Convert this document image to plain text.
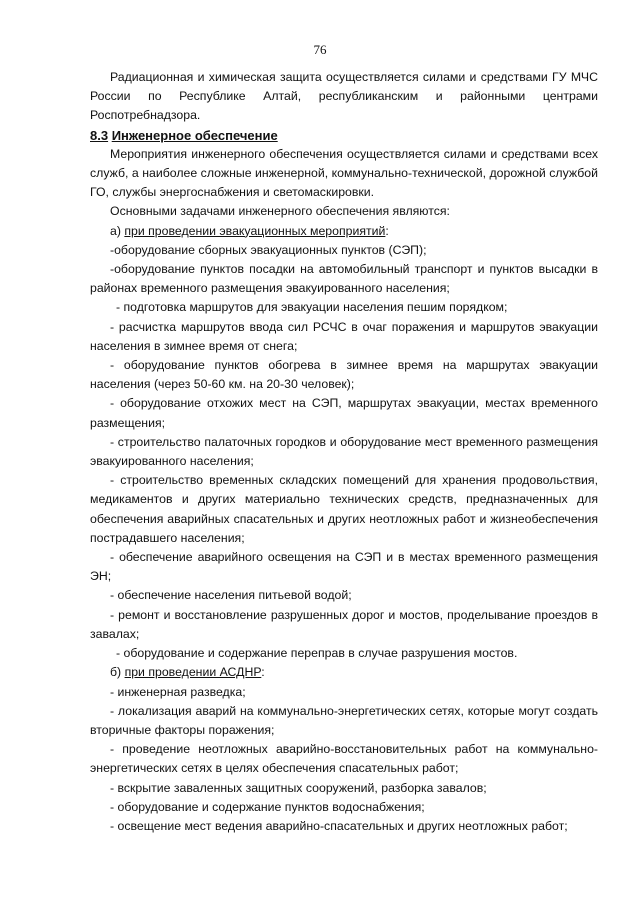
76

Радиационная и химическая защита осуществляется силами и средствами ГУ МЧС России по Республике Алтай, республиканским и районными центрами Роспотребнадзора.

8.3 Инженерное обеспечение

Мероприятия инженерного обеспечения осуществляется силами и средствами всех служб, а наиболее сложные инженерной, коммунально-технической, дорожной службой ГО, службы энергоснабжения и светомаскировки.

Основными задачами инженерного обеспечения являются:

а) при проведении эвакуационных мероприятий:

-оборудование сборных эвакуационных пунктов (СЭП);

-оборудование пунктов посадки на автомобильный транспорт и пунктов высадки в районах временного размещения эвакуированного населения;

- подготовка маршрутов для эвакуации населения пешим порядком;

- расчистка маршрутов ввода сил РСЧС в очаг поражения и маршрутов эвакуации населения в зимнее время от снега;

- оборудование пунктов обогрева в зимнее время на маршрутах эвакуации населения (через 50-60 км. на 20-30 человек);

- оборудование отхожих мест на СЭП, маршрутах эвакуации, местах временного размещения;

- строительство палаточных городков и оборудование мест временного размещения эвакуированного населения;

- строительство временных складских помещений для хранения продовольствия, медикаментов и других материально технических средств, предназначенных для обеспечения аварийных спасательных и других неотложных работ и жизнеобеспечения пострадавшего населения;

- обеспечение аварийного освещения на СЭП и в местах временного размещения ЭН;

- обеспечение населения питьевой водой;

- ремонт и восстановление разрушенных дорог и мостов, проделывание проездов в завалах;

- оборудование и содержание переправ в случае разрушения мостов.

б) при проведении АСДНР:

- инженерная разведка;

- локализация аварий на коммунально-энергетических сетях, которые могут создать вторичные факторы поражения;

- проведение неотложных аварийно-восстановительных работ на коммунально-энергетических сетях в целях обеспечения спасательных работ;

- вскрытие заваленных защитных сооружений, разборка завалов;

- оборудование и содержание пунктов водоснабжения;

- освещение мест ведения аварийно-спасательных и других неотложных работ;
